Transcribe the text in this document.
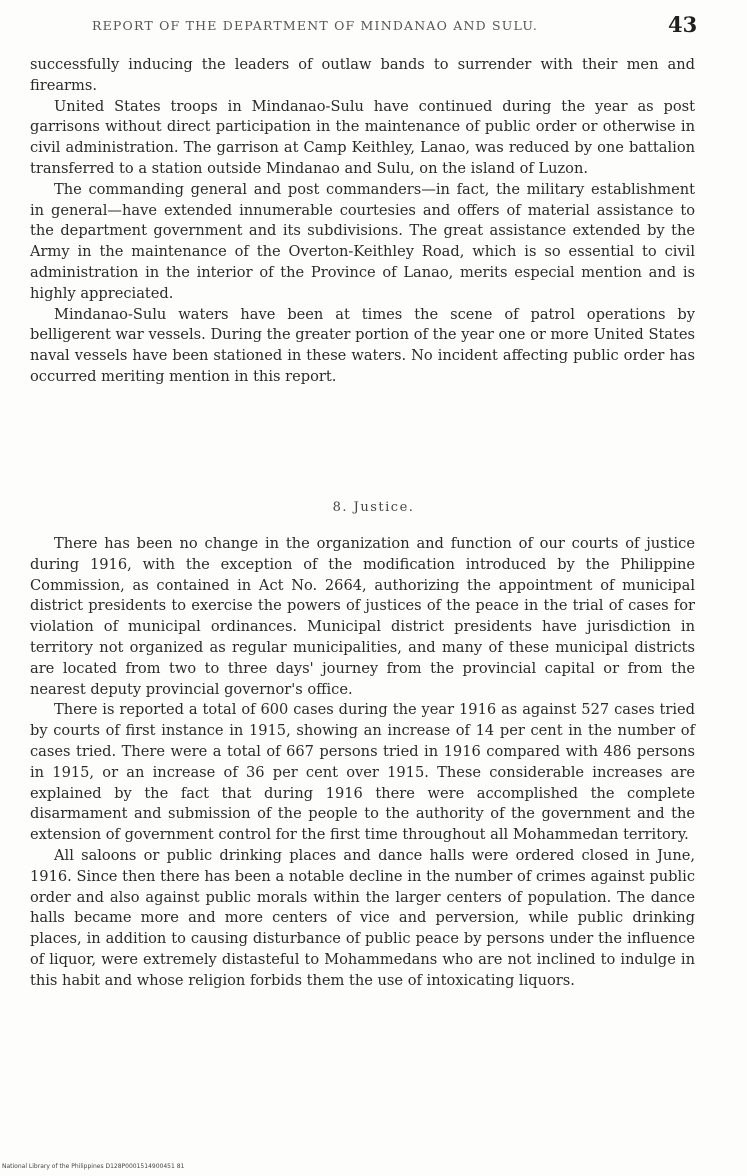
REPORT OF THE DEPARTMENT OF MINDANAO AND SULU.	43

successfully inducing the leaders of outlaw bands to surrender with their men and firearms.

United States troops in Mindanao-Sulu have continued during the year as post garrisons without direct participation in the maintenance of public order or otherwise in civil administration. The garrison at Camp Keithley, Lanao, was reduced by one battalion transferred to a station outside Mindanao and Sulu, on the island of Luzon.

The commanding general and post commanders—in fact, the military establishment in general—have extended innumerable courtesies and offers of material assistance to the department government and its subdivisions. The great assistance extended by the Army in the maintenance of the Overton-Keithley Road, which is so essential to civil administration in the interior of the Province of Lanao, merits especial mention and is highly appreciated.

Mindanao-Sulu waters have been at times the scene of patrol operations by belligerent war vessels. During the greater portion of the year one or more United States naval vessels have been stationed in these waters. No incident affecting public order has occurred meriting mention in this report.

8. Justice.

There has been no change in the organization and function of our courts of justice during 1916, with the exception of the modification introduced by the Philippine Commission, as contained in Act No. 2664, authorizing the appointment of municipal district presidents to exercise the powers of justices of the peace in the trial of cases for violation of municipal ordinances. Municipal district presidents have jurisdiction in territory not organized as regular municipalities, and many of these municipal districts are located from two to three days' journey from the provincial capital or from the nearest deputy provincial governor's office.

There is reported a total of 600 cases during the year 1916 as against 527 cases tried by courts of first instance in 1915, showing an increase of 14 per cent in the number of cases tried. There were a total of 667 persons tried in 1916 compared with 486 persons in 1915, or an increase of 36 per cent over 1915. These considerable increases are explained by the fact that during 1916 there were accomplished the complete disarmament and submission of the people to the authority of the government and the extension of government control for the first time throughout all Mohammedan territory.

All saloons or public drinking places and dance halls were ordered closed in June, 1916. Since then there has been a notable decline in the number of crimes against public order and also against public morals within the larger centers of population. The dance halls became more and more centers of vice and perversion, while public drinking places, in addition to causing disturbance of public peace by persons under the influence of liquor, were extremely distasteful to Mohammedans who are not inclined to indulge in this habit and whose religion forbids them the use of intoxicating liquors.

National Library of the Philippines D128P0001514900451 81
